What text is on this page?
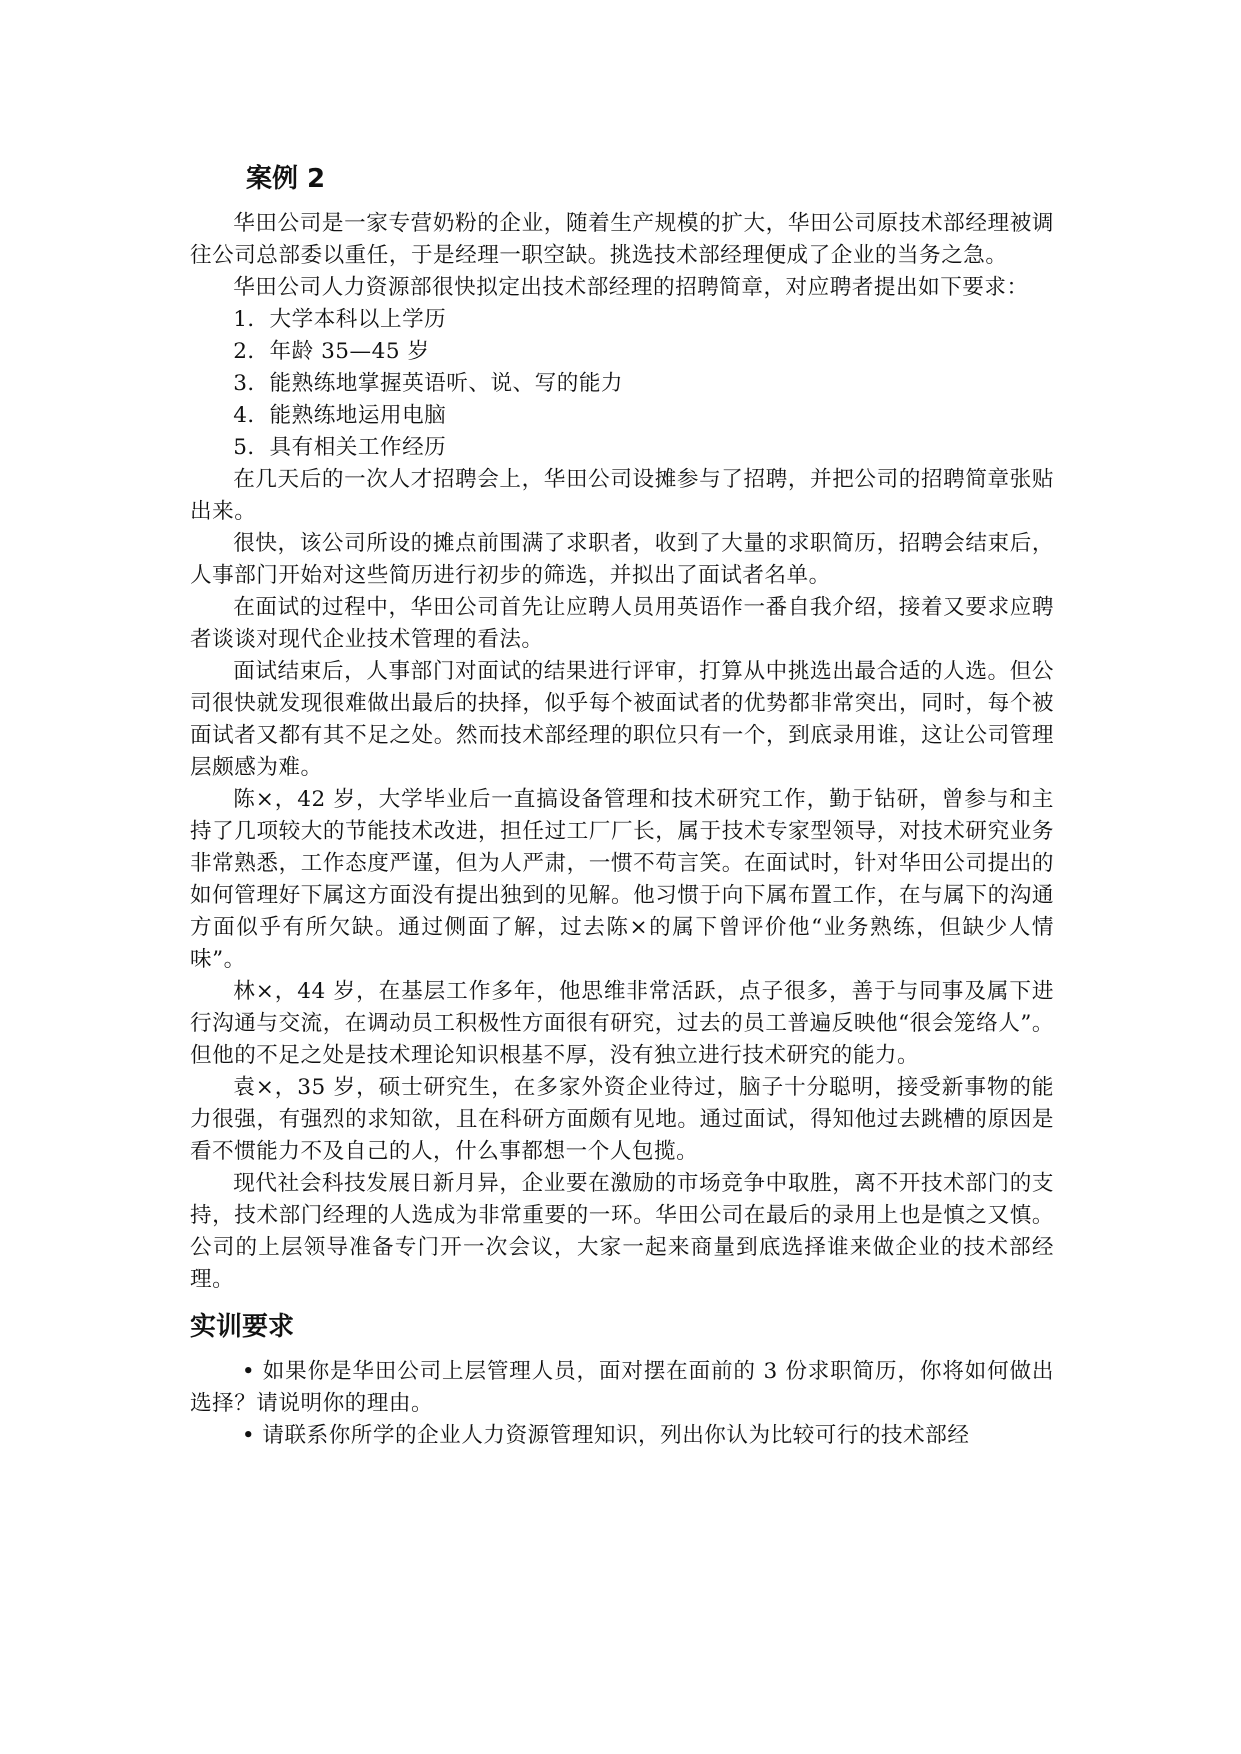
案例 2

华田公司是一家专营奶粉的企业，随着生产规模的扩大，华田公司原技术部经理被调往公司总部委以重任，于是经理一职空缺。挑选技术部经理便成了企业的当务之急。

华田公司人力资源部很快拟定出技术部经理的招聘简章，对应聘者提出如下要求：

1．大学本科以上学历

2．年龄 35—45 岁

3．能熟练地掌握英语听、说、写的能力

4．能熟练地运用电脑

5．具有相关工作经历

在几天后的一次人才招聘会上，华田公司设摊参与了招聘，并把公司的招聘简章张贴出来。

很快，该公司所设的摊点前围满了求职者，收到了大量的求职简历，招聘会结束后，人事部门开始对这些简历进行初步的筛选，并拟出了面试者名单。

在面试的过程中，华田公司首先让应聘人员用英语作一番自我介绍，接着又要求应聘者谈谈对现代企业技术管理的看法。

面试结束后，人事部门对面试的结果进行评审，打算从中挑选出最合适的人选。但公司很快就发现很难做出最后的抉择，似乎每个被面试者的优势都非常突出，同时，每个被面试者又都有其不足之处。然而技术部经理的职位只有一个，到底录用谁，这让公司管理层颇感为难。

陈×，42 岁，大学毕业后一直搞设备管理和技术研究工作，勤于钻研，曾参与和主持了几项较大的节能技术改进，担任过工厂厂长，属于技术专家型领导，对技术研究业务非常熟悉，工作态度严谨，但为人严肃，一惯不苟言笑。在面试时，针对华田公司提出的如何管理好下属这方面没有提出独到的见解。他习惯于向下属布置工作，在与属下的沟通方面似乎有所欠缺。通过侧面了解，过去陈×的属下曾评价他“业务熟练，但缺少人情味”。

林×，44 岁，在基层工作多年，他思维非常活跃，点子很多，善于与同事及属下进行沟通与交流，在调动员工积极性方面很有研究，过去的员工普遍反映他“很会笼络人”。但他的不足之处是技术理论知识根基不厚，没有独立进行技术研究的能力。

袁×，35 岁，硕士研究生，在多家外资企业待过，脑子十分聪明，接受新事物的能力很强，有强烈的求知欲，且在科研方面颇有见地。通过面试，得知他过去跳槽的原因是看不惯能力不及自己的人，什么事都想一个人包揽。

现代社会科技发展日新月异，企业要在激励的市场竞争中取胜，离不开技术部门的支持，技术部门经理的人选成为非常重要的一环。华田公司在最后的录用上也是慎之又慎。公司的上层领导准备专门开一次会议，大家一起来商量到底选择谁来做企业的技术部经理。

实训要求

• 如果你是华田公司上层管理人员，面对摆在面前的 3 份求职简历，你将如何做出选择？请说明你的理由。

• 请联系你所学的企业人力资源管理知识，列出你认为比较可行的技术部经
